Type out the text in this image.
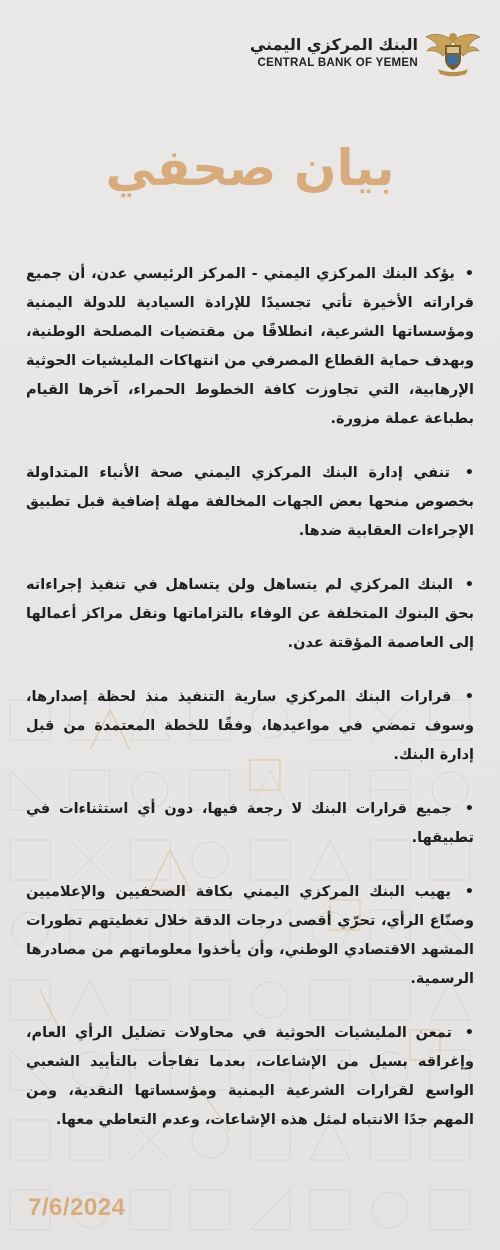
البنك المركزي اليمني
CENTRAL BANK OF YEMEN
بيان صحفي
• يؤكد البنك المركزي اليمني - المركز الرئيسي عدن، أن جميع قراراته الأخيرة تأتي تجسيدًا للإرادة السيادية للدولة اليمنية ومؤسساتها الشرعية، انطلاقًا من مقتضيات المصلحة الوطنية، وبهدف حماية القطاع المصرفي من انتهاكات المليشيات الحوثية الإرهابية، التي تجاوزت كافة الخطوط الحمراء، آخرها القيام بطباعة عملة مزورة.
• تنفي إدارة البنك المركزي اليمني صحة الأنباء المتداولة بخصوص منحها بعض الجهات المخالفة مهلة إضافية قبل تطبيق الإجراءات العقابية ضدها.
• البنك المركزي لم يتساهل ولن يتساهل في تنفيذ إجراءاته بحق البنوك المتخلفة عن الوفاء بالتزاماتها ونقل مراكز أعمالها إلى العاصمة المؤقتة عدن.
• قرارات البنك المركزي سارية التنفيذ منذ لحظة إصدارها، وسوف تمضي في مواعيدها، وفقًا للخطة المعتمدة من قبل إدارة البنك.
• جميع قرارات البنك لا رجعة فيها، دون أي استثناءات في تطبيقها.
• يهيب البنك المركزي اليمني بكافة الصحفيين والإعلاميين وصنّاع الرأي، تحرّي أقصى درجات الدقة خلال تغطيتهم تطورات المشهد الاقتصادي الوطني، وأن يأخذوا معلوماتهم من مصادرها الرسمية.
• تمعن المليشيات الحوثية في محاولات تضليل الرأي العام، وإغراقه بسيل من الإشاعات، بعدما تفاجأت بالتأييد الشعبي الواسع لقرارات الشرعية اليمنية ومؤسساتها النقدية، ومن المهم جدًا الانتباه لمثل هذه الإشاعات، وعدم التعاطي معها.
7/6/2024
